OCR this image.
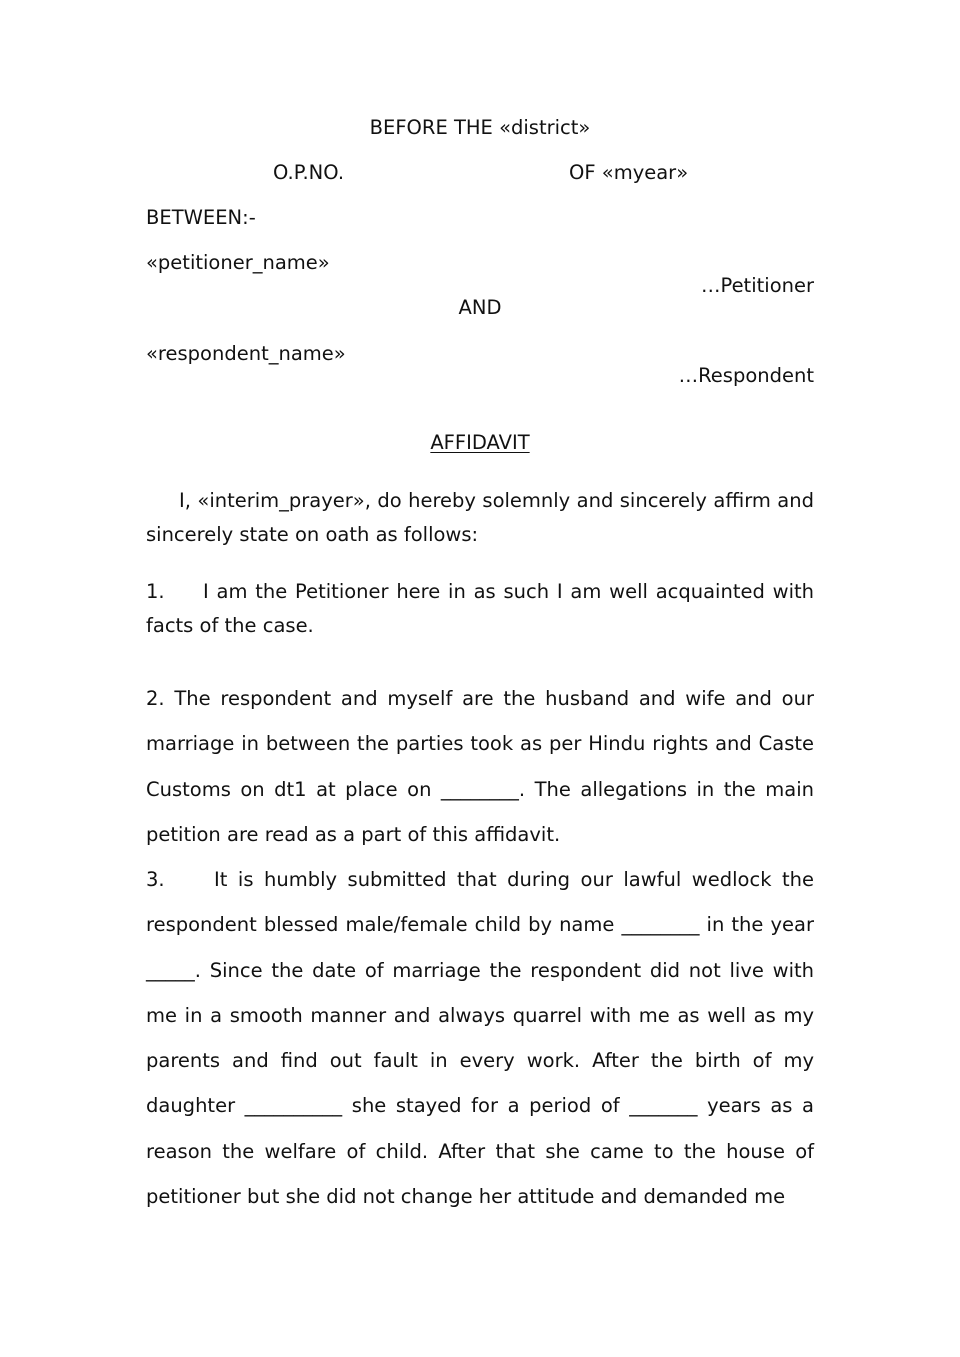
BEFORE THE «district»
O.P.NO.	OF «myear»
BETWEEN:-
«petitioner_name»
…Petitioner
AND
«respondent_name»
…Respondent
AFFIDAVIT

I, «interim_prayer», do hereby solemnly and sincerely affirm and sincerely state on oath as follows:

1. I am the Petitioner here in as such I am well acquainted with facts of the case.

2. The respondent and myself are the husband and wife and our marriage in between the parties took as per Hindu rights and Caste Customs on dt1 at place on ________. The allegations in the main petition are read as a part of this affidavit.

3.	It is humbly submitted that during our lawful wedlock the respondent blessed male/female child by name ________ in the year _____. Since the date of marriage the respondent did not live with me in a smooth manner and always quarrel with me as well as my parents and find out fault in every work. After the birth of my daughter __________ she stayed for a period of _______ years as a reason the welfare of child. After that she came to the house of petitioner but she did not change her attitude and demanded me
